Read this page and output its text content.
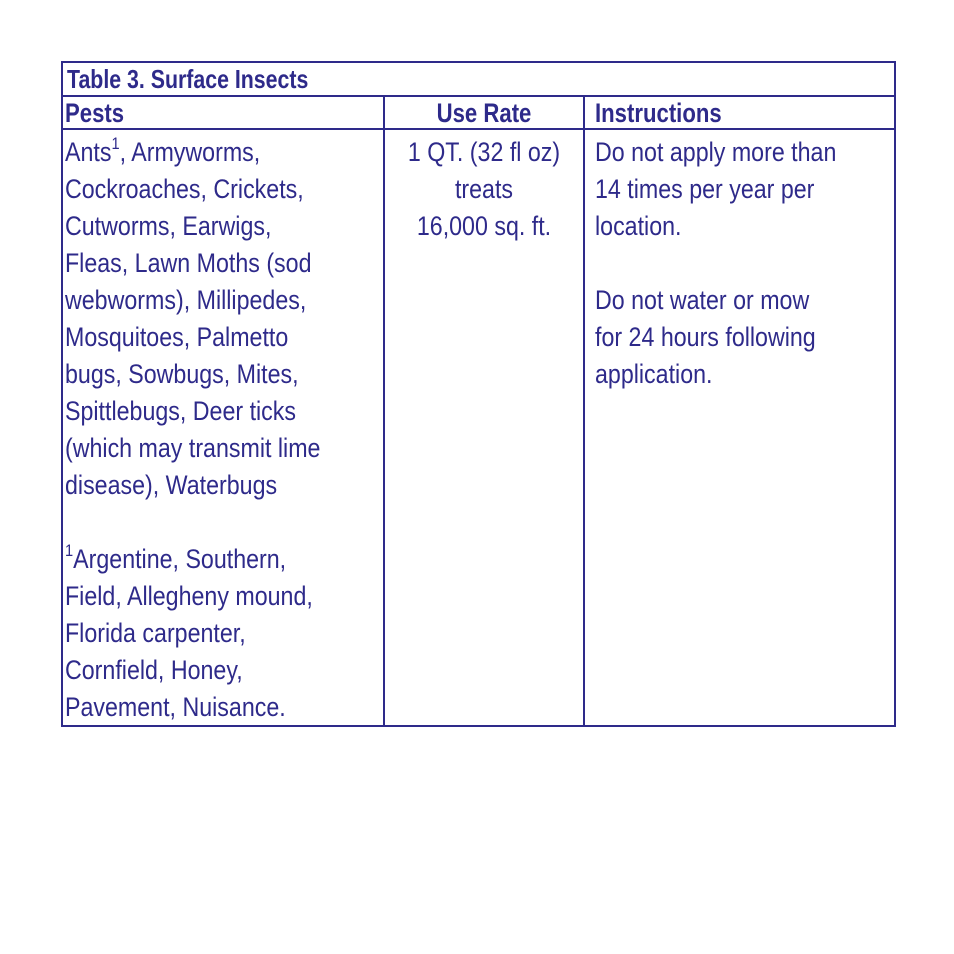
Table 3. Surface Insects
Pests	Use Rate	Instructions
Ants$^1$, Armyworms,
Cockroaches, Crickets,
Cutworms, Earwigs,
Fleas, Lawn Moths (sod
webworms), Millipedes,
Mosquitoes, Palmetto
bugs, Sowbugs, Mites,
Spittlebugs, Deer ticks
(which may transmit lime
disease), Waterbugs
$^1$Argentine, Southern,
Field, Allegheny mound,
Florida carpenter,
Cornfield, Honey,
Pavement, Nuisance.
1 QT. (32 fl oz)
treats
16,000 sq. ft.
Do not apply more than
14 times per year per
location.
Do not water or mow
for 24 hours following
application.
